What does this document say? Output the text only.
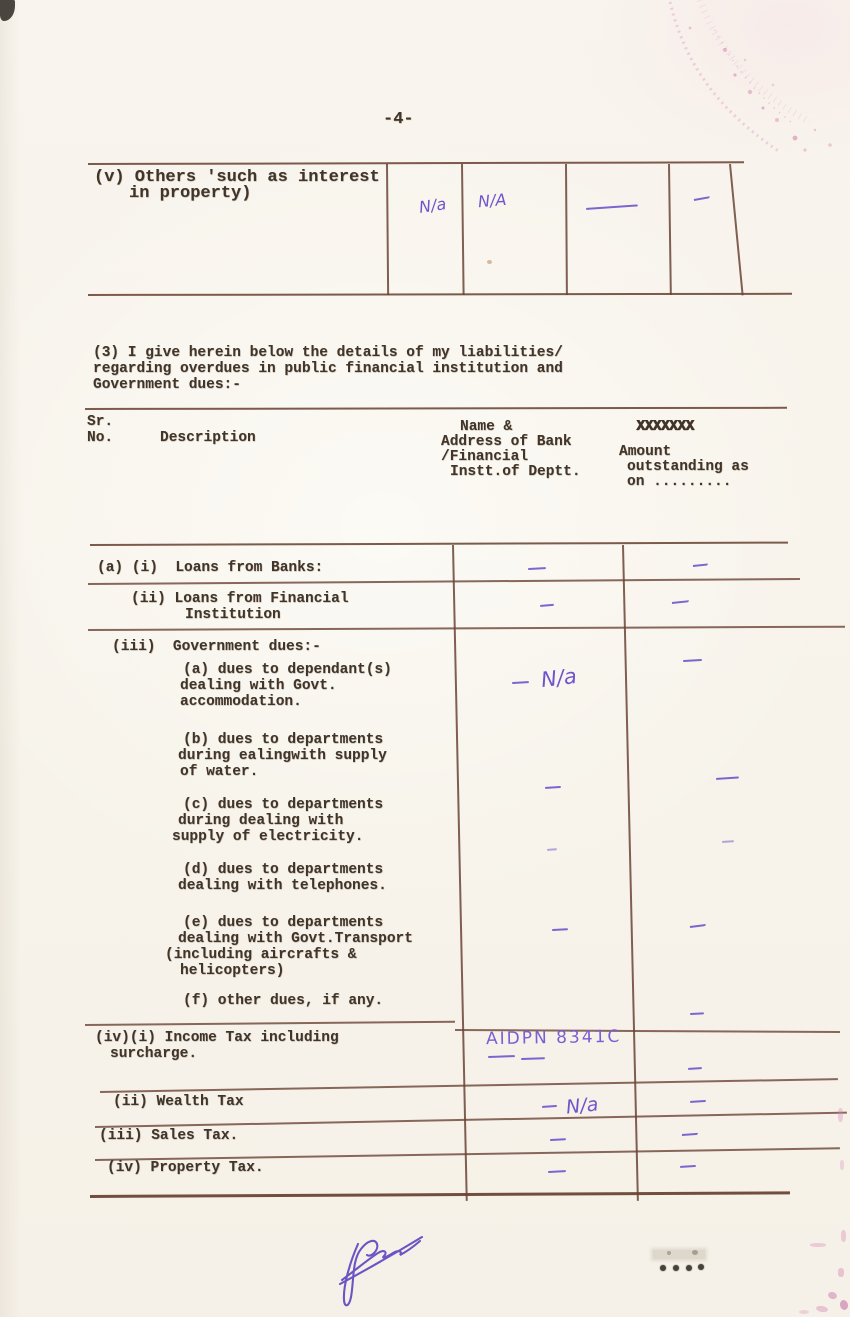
-4-
(v) Others 'such as interest
in property)
N/a N/A
(3) I give herein below the details of my liabilities/
regarding overdues in public financial institution and
Government dues:-
Sr.
No.	Description
Name &
Address of Bank
/Financial
Instt.of Deptt.
XXXXXXX
Amount
outstanding as
on .........
(a) (i)  Loans from Banks:
(ii) Loans from Financial
Institution
(iii)  Government dues:-
(a) dues to dependant(s)
dealing with Govt.
accommodation.
(b) dues to departments
during ealingwith supply
of water.
(c) dues to departments
during dealing with
supply of electricity.
(d) dues to departments
dealing with telephones.
(e) dues to departments
dealing with Govt.Transport
(including aircrafts &
helicopters)
(f) other dues, if any.
(iv)(i) Income Tax including
surcharge.
(ii) Wealth Tax
(iii) Sales Tax.
(iv) Property Tax.
N/a
AIDPN 8341C
N/a
